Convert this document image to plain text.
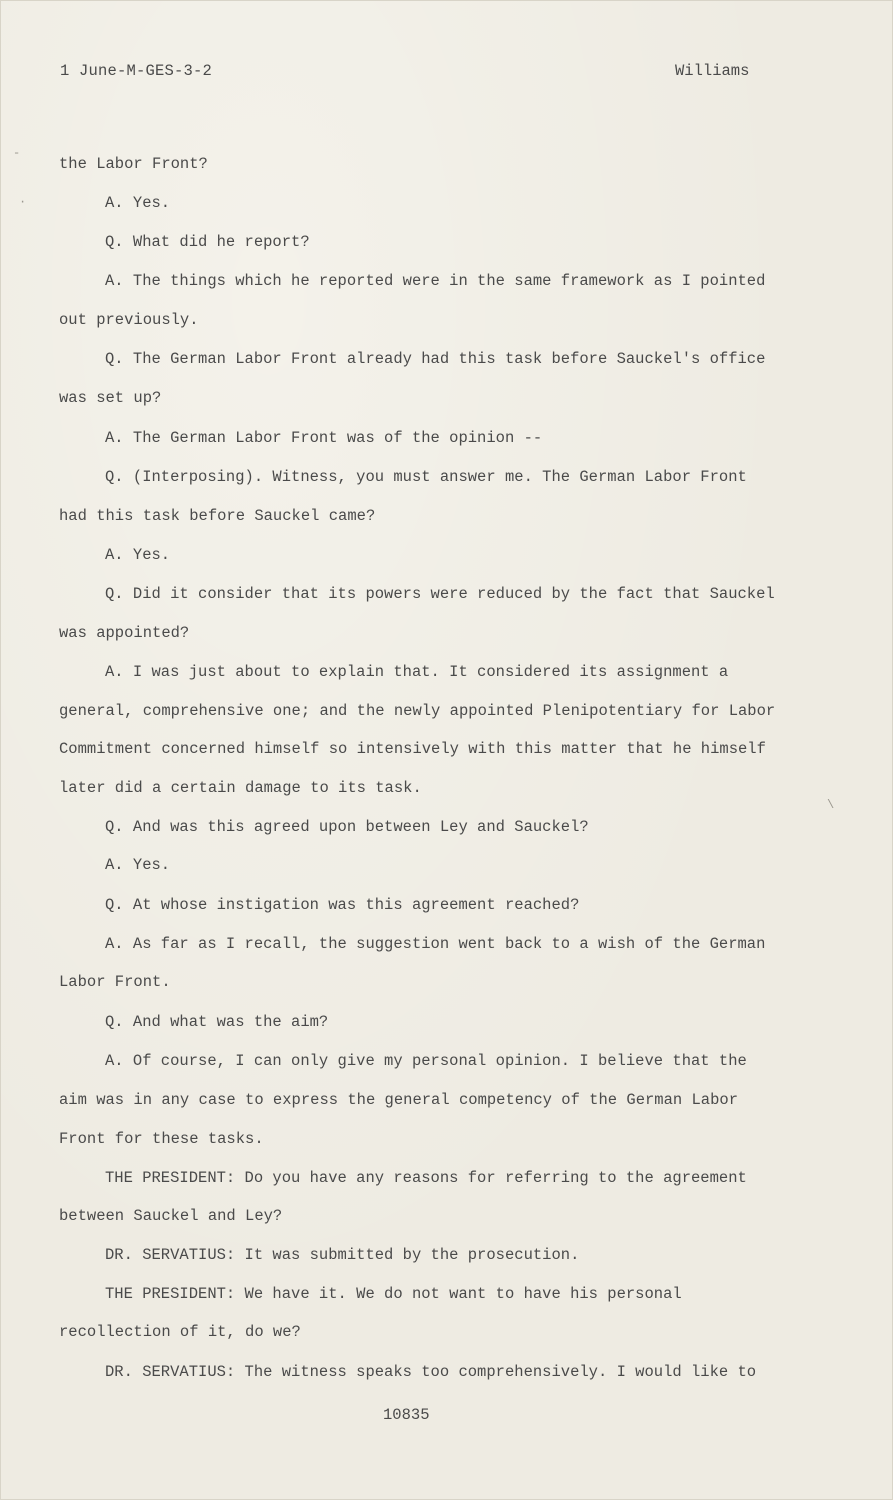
1 June-M-GES-3-2	Williams
-
·
\
the Labor Front?
A. Yes.
Q. What did he report?
A. The things which he reported were in the same framework as I pointed
out previously.
Q. The German Labor Front already had this task before Sauckel's office
was set up?
A. The German Labor Front was of the opinion --
Q. (Interposing). Witness, you must answer me. The German Labor Front
had this task before Sauckel came?
A. Yes.
Q. Did it consider that its powers were reduced by the fact that Sauckel
was appointed?
A. I was just about to explain that. It considered its assignment a
general, comprehensive one; and the newly appointed Plenipotentiary for Labor
Commitment concerned himself so intensively with this matter that he himself
later did a certain damage to its task.
Q. And was this agreed upon between Ley and Sauckel?
A. Yes.
Q. At whose instigation was this agreement reached?
A. As far as I recall, the suggestion went back to a wish of the German
Labor Front.
Q. And what was the aim?
A. Of course, I can only give my personal opinion. I believe that the
aim was in any case to express the general competency of the German Labor
Front for these tasks.
THE PRESIDENT: Do you have any reasons for referring to the agreement
between Sauckel and Ley?
DR. SERVATIUS: It was submitted by the prosecution.
THE PRESIDENT: We have it. We do not want to have his personal
recollection of it, do we?
DR. SERVATIUS: The witness speaks too comprehensively. I would like to
10835
